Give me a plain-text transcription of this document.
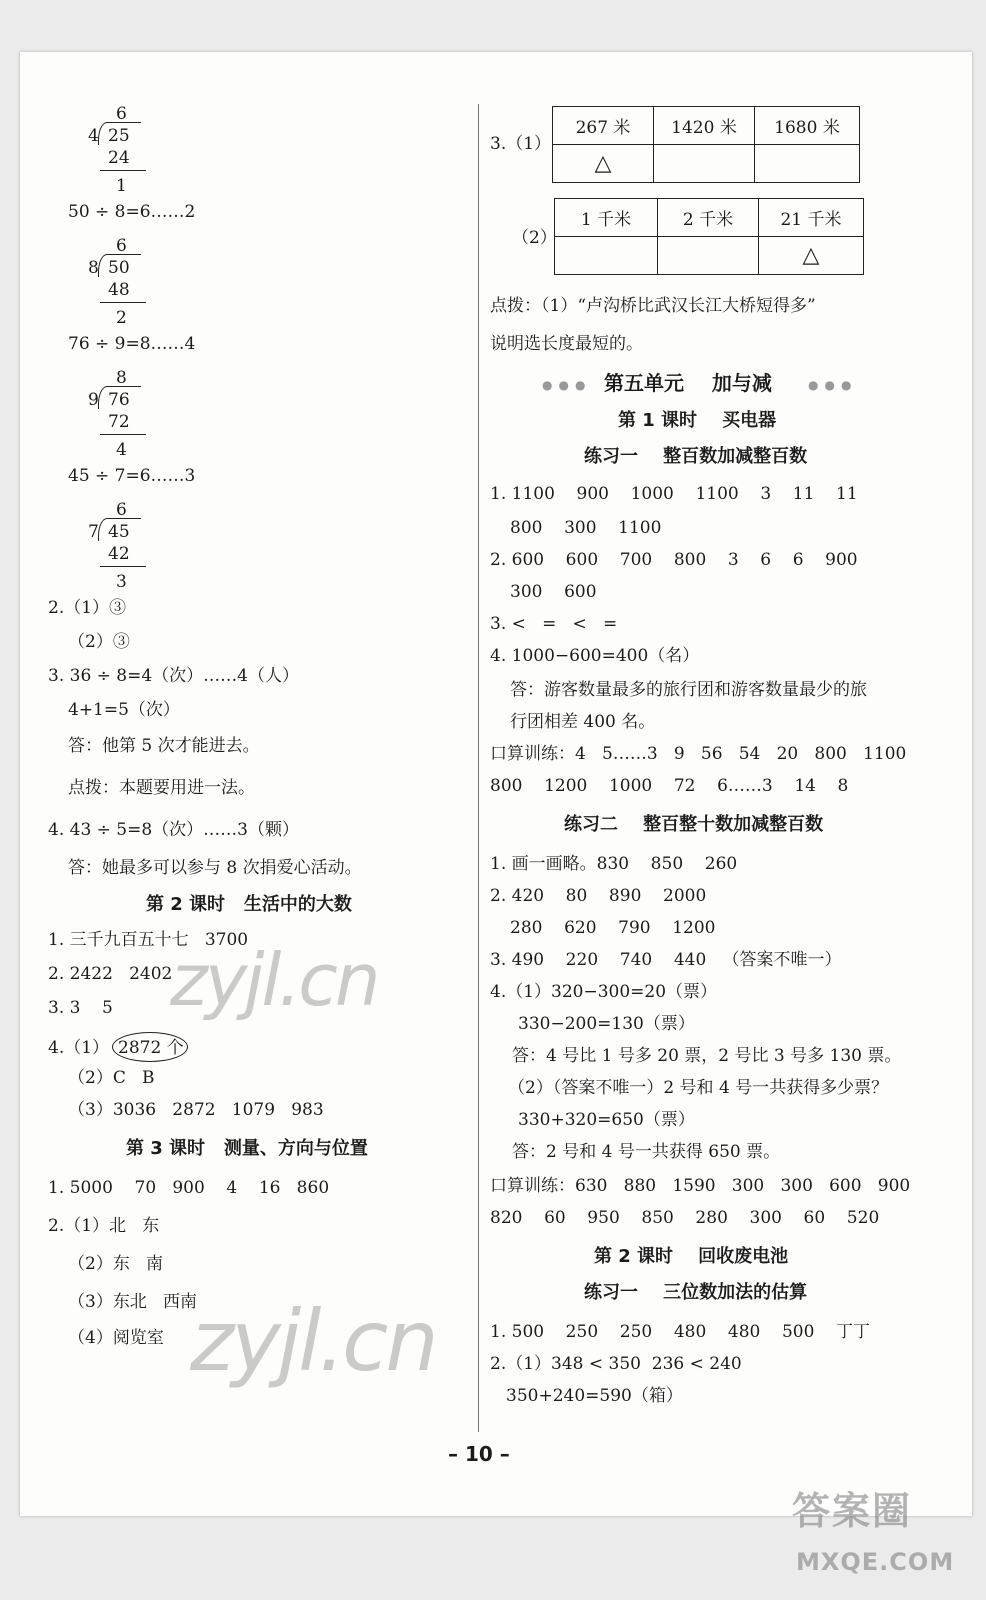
6
4 25
24
1
50 ÷ 8=6……2
6
8 50
48
2
76 ÷ 9=8……4
8
9 76
72
4
45 ÷ 7=6……3
6
7 45
42
3
2.（1）③
（2）③
3. 36 ÷ 8=4（次）……4（人）
4+1=5（次）
答：他第 5 次才能进去。
点拨：本题要用进一法。
4. 43 ÷ 5=8（次）……3（颗）
答：她最多可以参与 8 次捐爱心活动。
第 2 课时   生活中的大数
1. 三千九百五十七   3700
2. 2422   2402
3. 3    5
4.（1） 2872 个
（2）C   B
（3）3036   2872   1079   983
第 3 课时   测量、方向与位置
1. 5000    70   900    4    16   860
2.（1）北   东
（2）东   南
（3）东北   西南
（4）阅览室
3.（1）
267 米	1420 米	1680 米
△		
（2）
1 千米	2 千米	21 千米
		△
点拨：（1）“卢沟桥比武汉长江大桥短得多”
说明选长度最短的。
●●● 第五单元    加与减	●●●
第 1 课时    买电器
练习一    整百数加减整百数
1. 1100    900    1000    1100    3    11    11
800    300    1100
2. 600    600    700    800    3    6    6    900
300    600
3. <   =   <   =
4. 1000−600=400（名）
答：游客数量最多的旅行团和游客数量最少的旅
行团相差 400 名。
口算训练：4   5……3   9   56   54   20   800   1100
800    1200    1000    72    6……3    14    8
练习二    整百整十数加减整百数
1. 画一画略。830    850    260
2. 420    80    890    2000
280    620    790    1200
3. 490    220    740    440   （答案不唯一）
4.（1）320−300=20（票）
330−200=130（票）
答：4 号比 1 号多 20 票，2 号比 3 号多 130 票。
（2）（答案不唯一）2 号和 4 号一共获得多少票？
330+320=650（票）
答：2 号和 4 号一共获得 650 票。
口算训练：630   880   1590   300   300   600   900
820    60    950    850    280    300    60    520
第 2 课时    回收废电池
练习一    三位数加法的估算
1. 500    250    250    480    480    500    丁丁
2.（1）348 < 350  236 < 240
350+240=590（箱）
zyjl.cn
zyjl.cn
– 10 –
答案圈
MXQE.COM
